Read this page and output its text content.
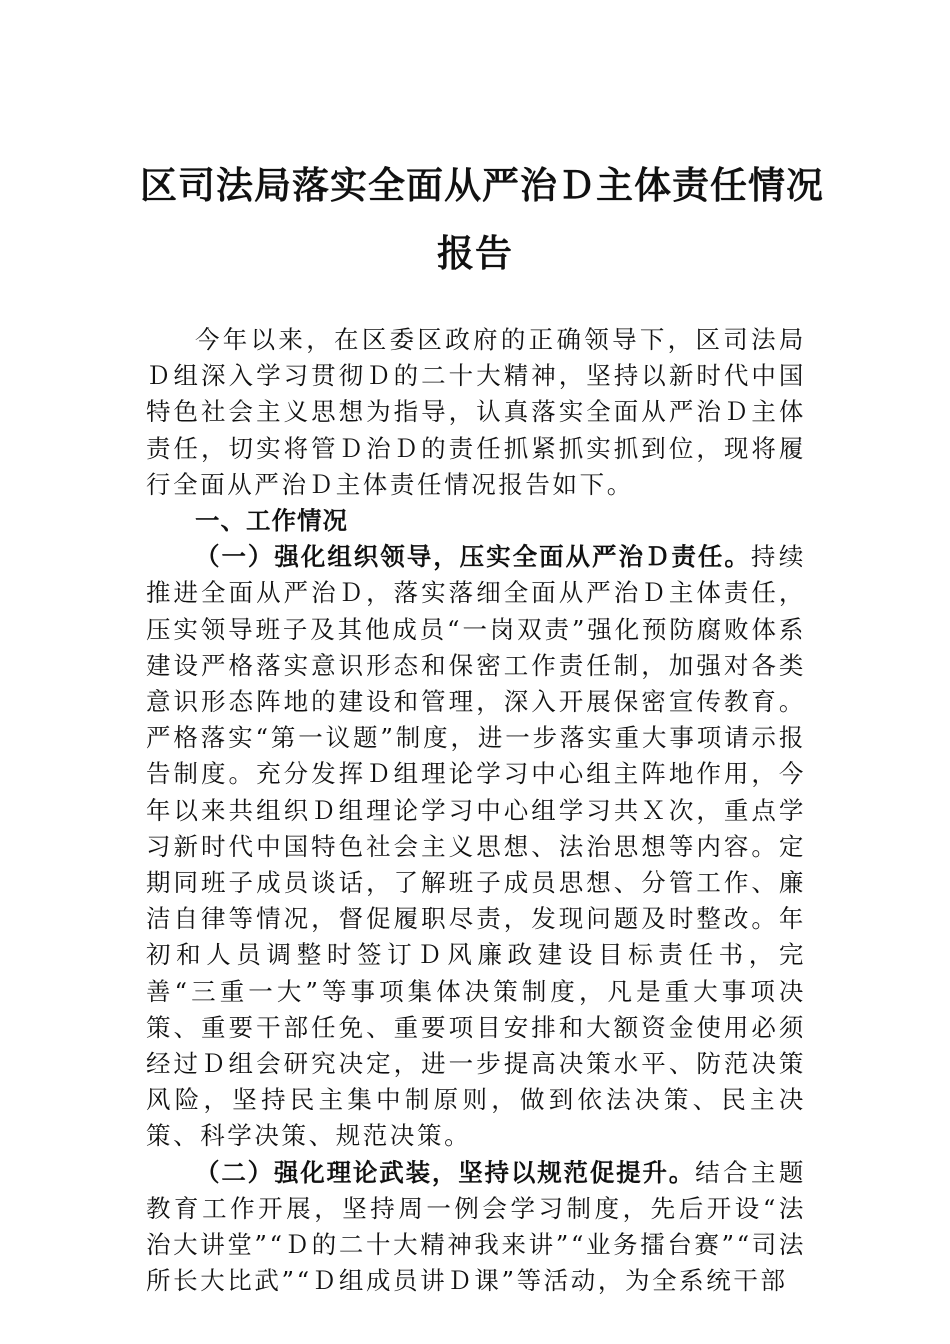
区司法局落实全面从严治Ｄ主体责任情况
报告

今年以来，在区委区政府的正确领导下，区司法局Ｄ组深入学习贯彻Ｄ的二十大精神，坚持以新时代中国特色社会主义思想为指导，认真落实全面从严治Ｄ主体责任，切实将管Ｄ治Ｄ的责任抓紧抓实抓到位，现将履行全面从严治Ｄ主体责任情况报告如下。

一、工作情况

（一）强化组织领导，压实全面从严治Ｄ责任。持续推进全面从严治Ｄ，落实落细全面从严治Ｄ主体责任，压实领导班子及其他成员“一岗双责”强化预防腐败体系建设严格落实意识形态和保密工作责任制，加强对各类意识形态阵地的建设和管理，深入开展保密宣传教育。严格落实“第一议题”制度，进一步落实重大事项请示报告制度。充分发挥Ｄ组理论学习中心组主阵地作用，今年以来共组织Ｄ组理论学习中心组学习共Ｘ次，重点学习新时代中国特色社会主义思想、法治思想等内容。定期同班子成员谈话，了解班子成员思想、分管工作、廉洁自律等情况，督促履职尽责，发现问题及时整改。年初和人员调整时签订Ｄ风廉政建设目标责任书，完善“三重一大”等事项集体决策制度，凡是重大事项决策、重要干部任免、重要项目安排和大额资金使用必须经过Ｄ组会研究决定，进一步提高决策水平、防范决策风险，坚持民主集中制原则，做到依法决策、民主决策、科学决策、规范决策。

（二）强化理论武装，坚持以规范促提升。结合主题教育工作开展，坚持周一例会学习制度，先后开设“法治大讲堂”“Ｄ的二十大精神我来讲”“业务擂台赛”“司法所长大比武”“Ｄ组成员讲Ｄ课”等活动，为全系统干部
